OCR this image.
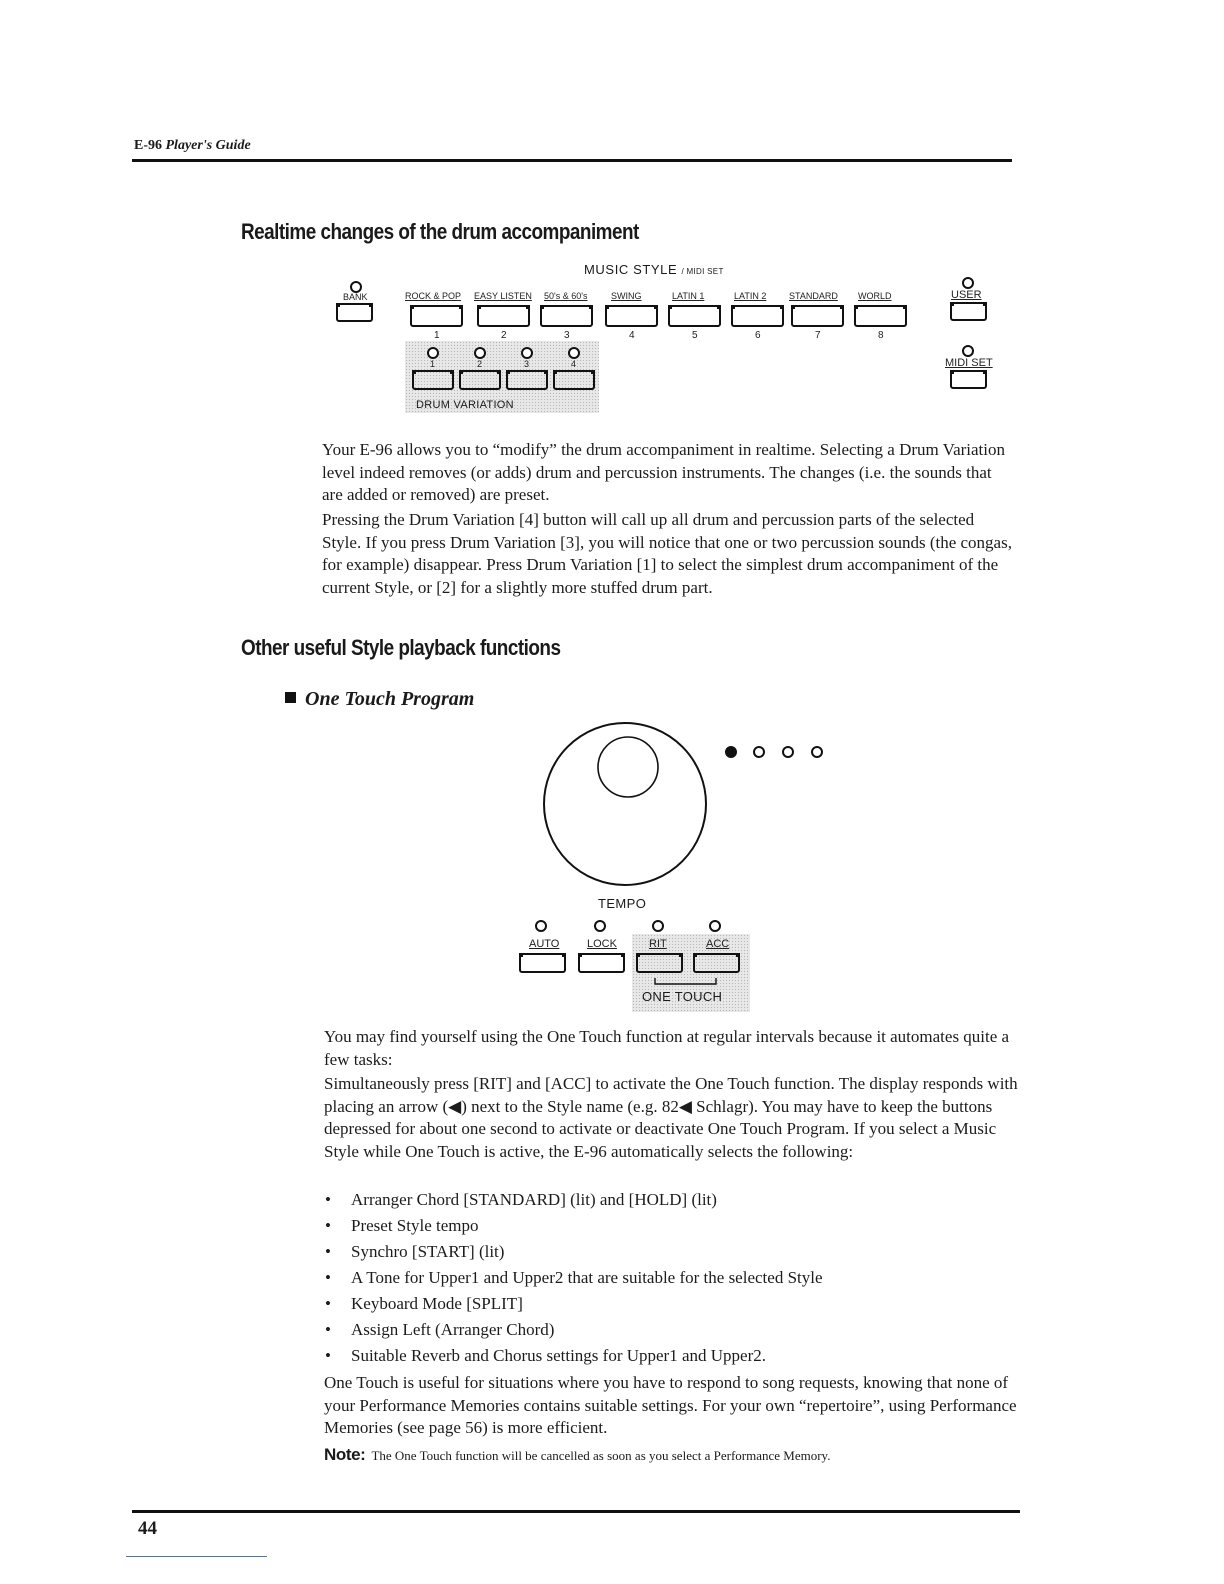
E-96 Player's Guide
Realtime changes of the drum accompaniment
MUSIC STYLE / MIDI SET
BANK	ROCK & POP
1
EASY LISTEN
2
50's & 60's
3
SWING
4
LATIN 1
5
LATIN 2
6
STANDARD
7
WORLD
8
USER
MIDI SET
1	2	3	4
DRUM VARIATION
Your E-96 allows you to “modify” the drum accompaniment in realtime. Selecting a Drum Variation level indeed removes (or adds) drum and percussion instruments. The changes (i.e. the sounds that are added or removed) are preset.
Pressing the Drum Variation [4] button will call up all drum and percussion parts of the selected Style. If you press Drum Variation [3], you will notice that one or two percussion sounds (the congas, for example) disappear. Press Drum Variation [1] to select the simplest drum accompaniment of the current Style, or [2] for a slightly more stuffed drum part.
Other useful Style playback functions
One Touch Program
TEMPO
AUTO	LOCK	RIT	ACC
ONE TOUCH
You may find yourself using the One Touch function at regular intervals because it automates quite a few tasks:
Simultaneously press [RIT] and [ACC] to activate the One Touch function. The display responds with placing an arrow (◀) next to the Style name (e.g. 82◀ Schlagr). You may have to keep the buttons depressed for about one second to activate or deactivate One Touch Program. If you select a Music Style while One Touch is active, the E-96 automatically selects the following:
• Arranger Chord [STANDARD] (lit) and [HOLD] (lit)
• Preset Style tempo
• Synchro [START] (lit)
• A Tone for Upper1 and Upper2 that are suitable for the selected Style
• Keyboard Mode [SPLIT]
• Assign Left (Arranger Chord)
• Suitable Reverb and Chorus settings for Upper1 and Upper2.
One Touch is useful for situations where you have to respond to song requests, knowing that none of your Performance Memories contains suitable settings. For your own “repertoire”, using Performance Memories (see page 56) is more efficient.
Note: The One Touch function will be cancelled as soon as you select a Performance Memory.
44
